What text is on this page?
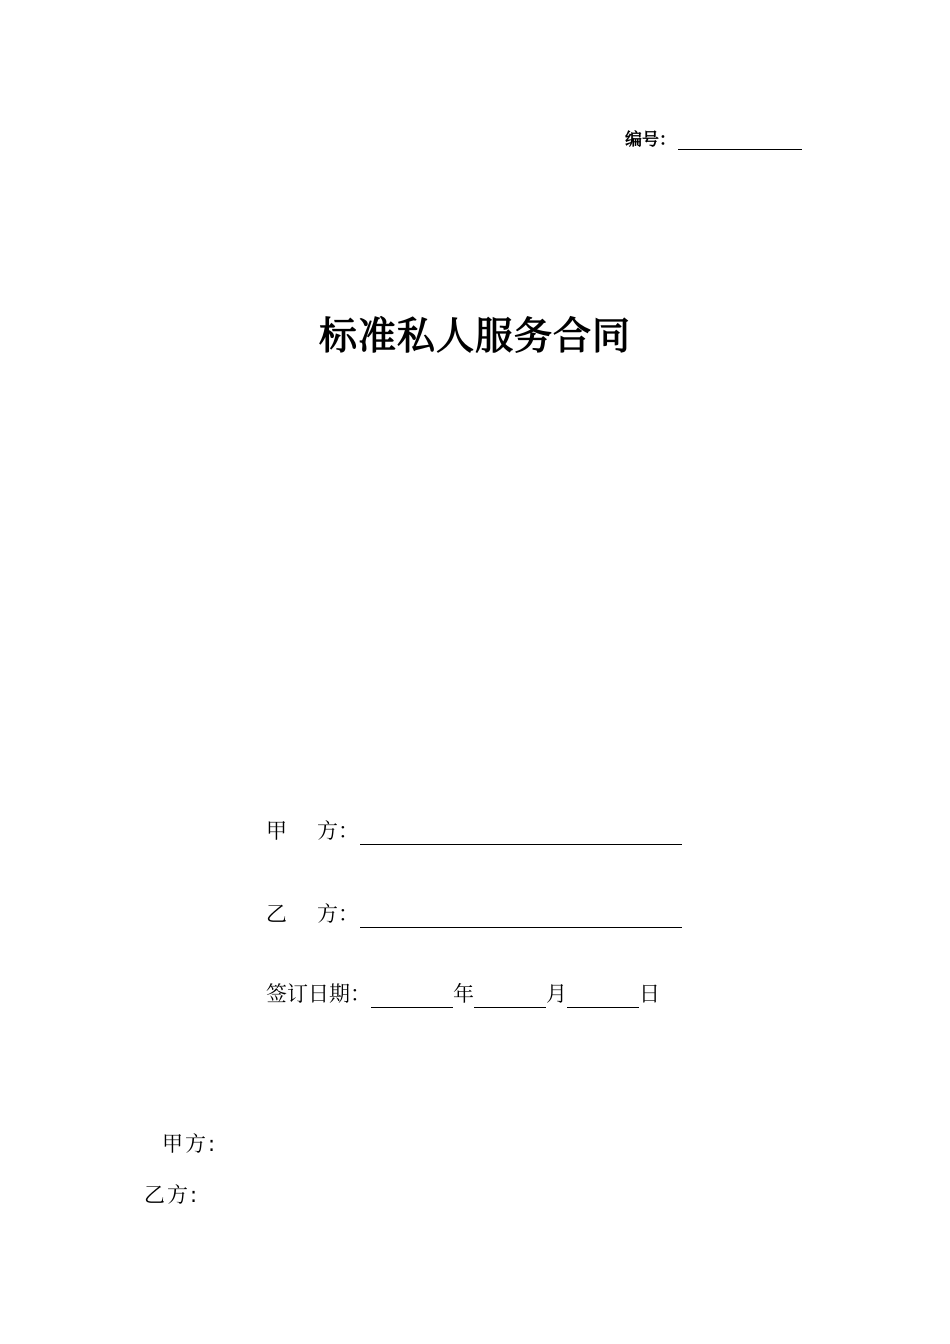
编号：
标准私人服务合同
甲 方 ：
乙 方 ：
签订日期：	年	月	日
甲方:
乙方:
